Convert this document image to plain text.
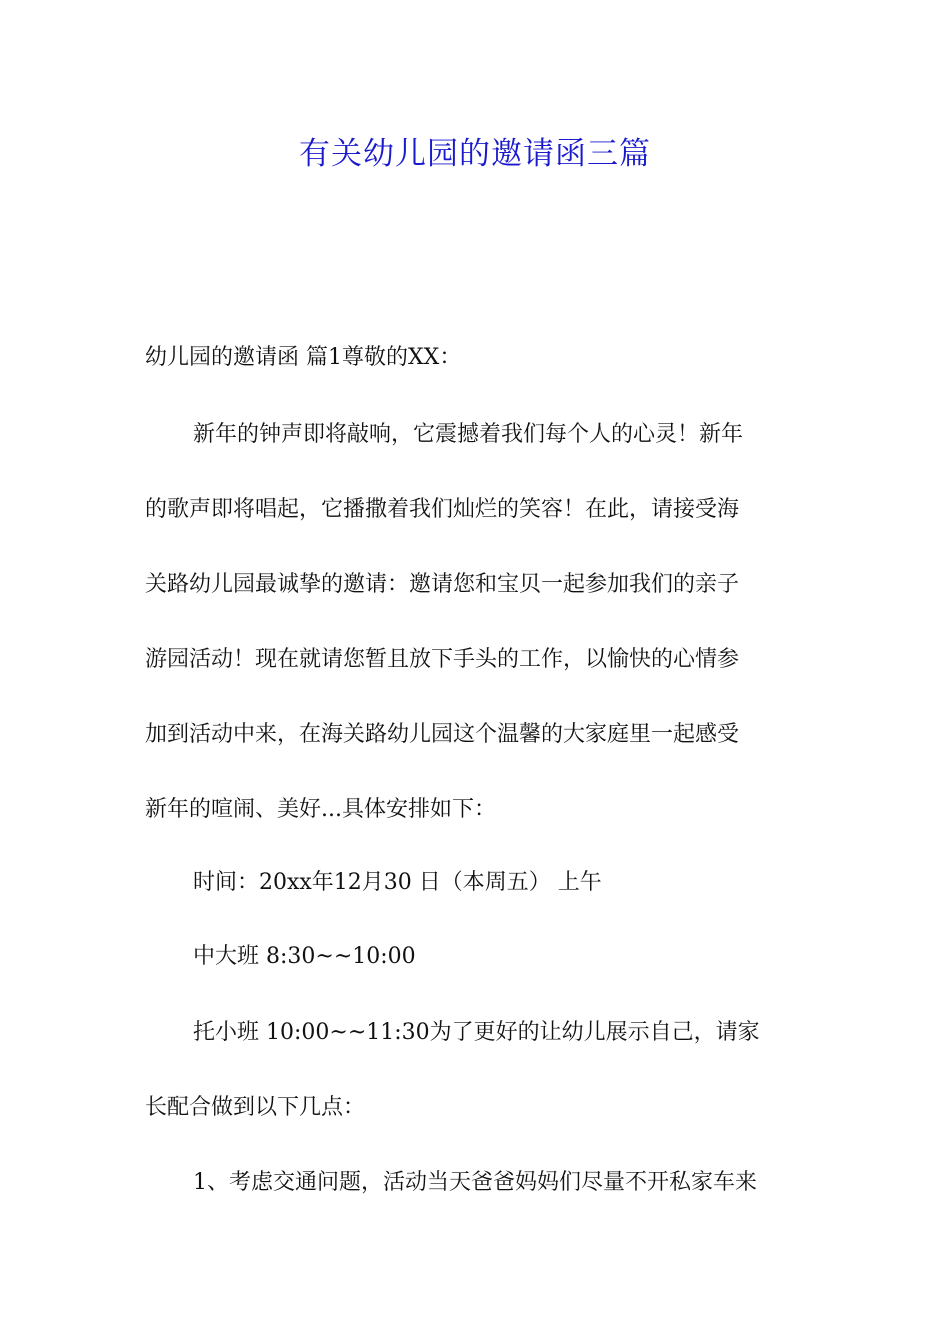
有关幼儿园的邀请函三篇

幼儿园的邀请函 篇1尊敬的XX：

新年的钟声即将敲响，它震撼着我们每个人的心灵！新年

的歌声即将唱起，它播撒着我们灿烂的笑容！在此，请接受海

关路幼儿园最诚挚的邀请：邀请您和宝贝一起参加我们的亲子

游园活动！现在就请您暂且放下手头的工作，以愉快的心情参

加到活动中来，在海关路幼儿园这个温馨的大家庭里一起感受

新年的喧闹、美好...具体安排如下：

时间：20xx年12月30 日（本周五） 上午

中大班 8:30~~10:00

托小班 10:00~~11:30为了更好的让幼儿展示自己，请家

长配合做到以下几点：

1、考虑交通问题，活动当天爸爸妈妈们尽量不开私家车来
